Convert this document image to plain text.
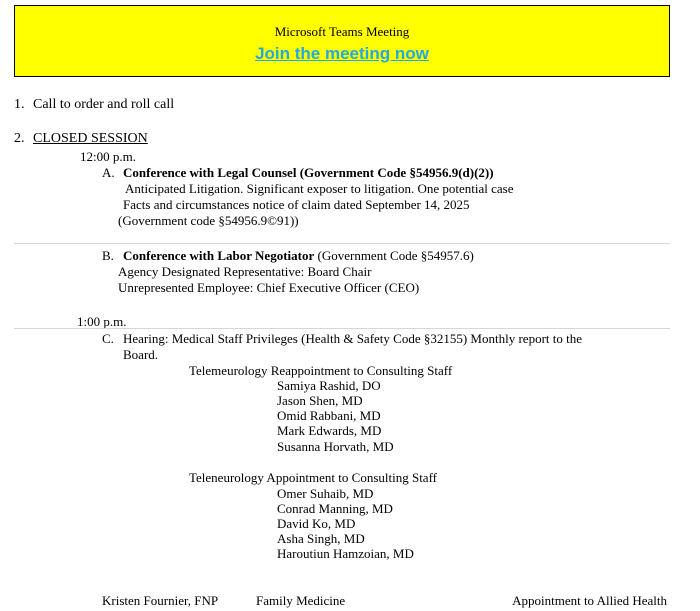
Microsoft Teams Meeting
Join the meeting now
1. Call to order and roll call
2. CLOSED SESSION
12:00 p.m.
A. Conference with Legal Counsel (Government Code §54956.9(d)(2))
Anticipated Litigation. Significant exposer to litigation. One potential case
Facts and circumstances notice of claim dated September 14, 2025
(Government code §54956.9©91))
B. Conference with Labor Negotiator (Government Code §54957.6)
Agency Designated Representative: Board Chair
Unrepresented Employee: Chief Executive Officer (CEO)
1:00 p.m.
C. Hearing: Medical Staff Privileges (Health & Safety Code §32155) Monthly report to the
Board.
Telemeurology Reappointment to Consulting Staff
Samiya Rashid, DO
Jason Shen, MD
Omid Rabbani, MD
Mark Edwards, MD
Susanna Horvath, MD
Teleneurology Appointment to Consulting Staff
Omer Suhaib, MD
Conrad Manning, MD
David Ko, MD
Asha Singh, MD
Haroutiun Hamzoian, MD
Kristen Fournier, FNP	Family Medicine	Appointment to Allied Health
